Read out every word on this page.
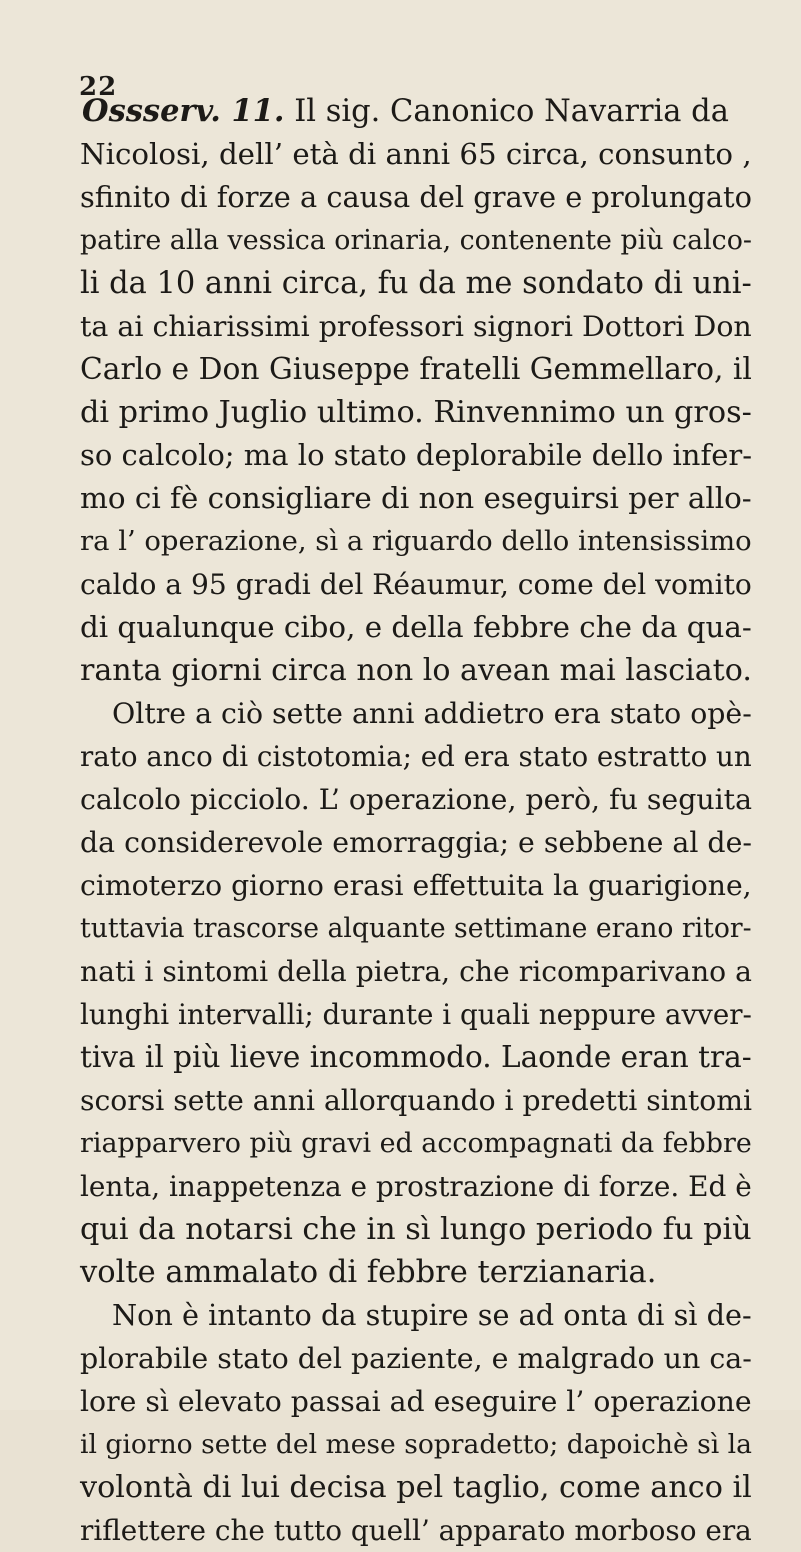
22
Ossserv. 11. Il sig. Canonico Navarria da
Nicolosi, dell’ età di anni 65 circa, consunto ,
sfinito di forze a causa del grave e prolungato
patire alla vessica orinaria, contenente più calco-
li da 10 anni circa, fu da me sondato di uni-
ta ai chiarissimi professori signori Dottori Don
Carlo e Don Giuseppe fratelli Gemmellaro, il
di primo Juglio ultimo. Rinvennimo un gros-
so calcolo; ma lo stato deplorabile dello infer-
mo ci fè consigliare di non eseguirsi per allo-
ra l’ operazione, sì a riguardo dello intensissimo
caldo a 95 gradi del Réaumur, come del vomito
di qualunque cibo, e della febbre che da qua-
ranta giorni circa non lo avean mai lasciato.
Oltre a ciò sette anni addietro era stato opè-
rato anco di cistotomia; ed era stato estratto un
calcolo picciolo. L’ operazione, però, fu seguita
da considerevole emorraggia; e sebbene al de-
cimoterzo giorno erasi effettuita la guarigione,
tuttavia trascorse alquante settimane erano ritor-
nati i sintomi della pietra, che ricomparivano a
lunghi intervalli; durante i quali neppure avver-
tiva il più lieve incommodo. Laonde eran tra-
scorsi sette anni allorquando i predetti sintomi
riapparvero più gravi ed accompagnati da febbre
lenta, inappetenza e prostrazione di forze. Ed è
qui da notarsi che in sì lungo periodo fu più
volte ammalato di febbre terzianaria.
Non è intanto da stupire se ad onta di sì de-
plorabile stato del paziente, e malgrado un ca-
lore sì elevato passai ad eseguire l’ operazione
il giorno sette del mese sopradetto; dapoichè sì la
volontà di lui decisa pel taglio, come anco il
riflettere che tutto quell’ apparato morboso era
